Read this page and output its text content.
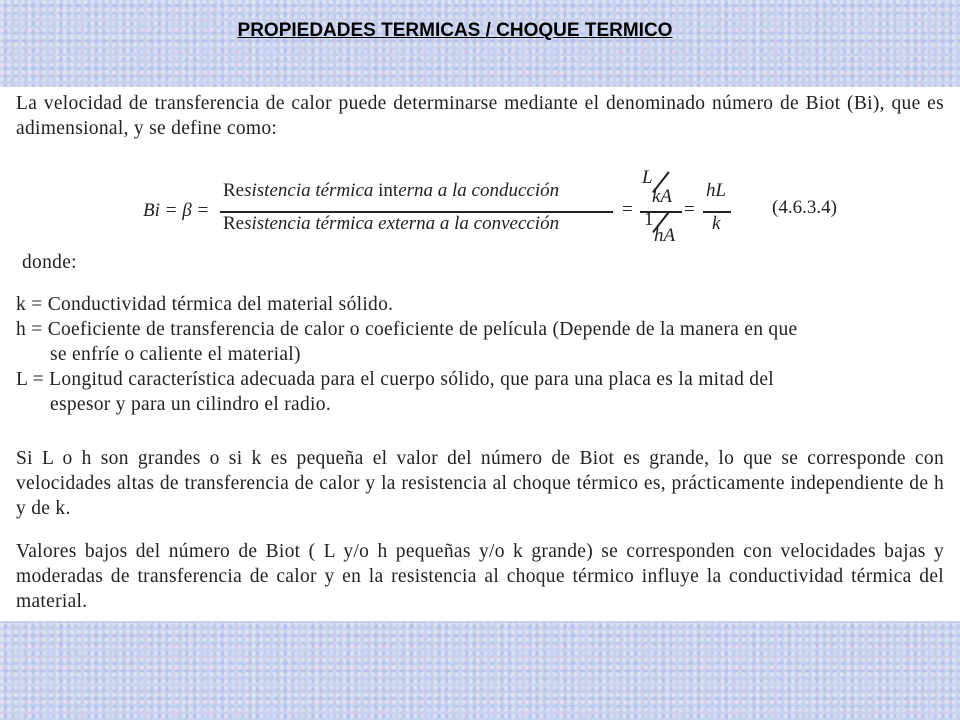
PROPIEDADES TERMICAS / CHOQUE TERMICO

La velocidad de transferencia de calor puede determinarse mediante el denominado número de Biot (Bi), que es adimensional, y se define como:

Bi = β =
Resistencia térmica interna a la conducción
Resistencia térmica externa a la convección
=
L
kA
1
hA
=
hL
k
(4.6.3.4)

donde:

k = Conductividad térmica del material sólido.

h = Coeficiente de transferencia de calor o coeficiente de película (Depende de la manera en que
se enfríe o caliente el material)

L = Longitud característica adecuada para el cuerpo sólido, que para una placa es la mitad del
espesor y para un cilindro el radio.

Si L o h son grandes o si k es pequeña el valor del número de Biot es grande, lo que se corresponde con velocidades altas de transferencia de calor y la resistencia al choque térmico es, prácticamente independiente de h y de k.

Valores bajos del número de Biot ( L y/o h pequeñas y/o k grande) se corresponden con velocidades bajas y moderadas de transferencia de calor y en la resistencia al choque térmico influye la conductividad térmica del material.
